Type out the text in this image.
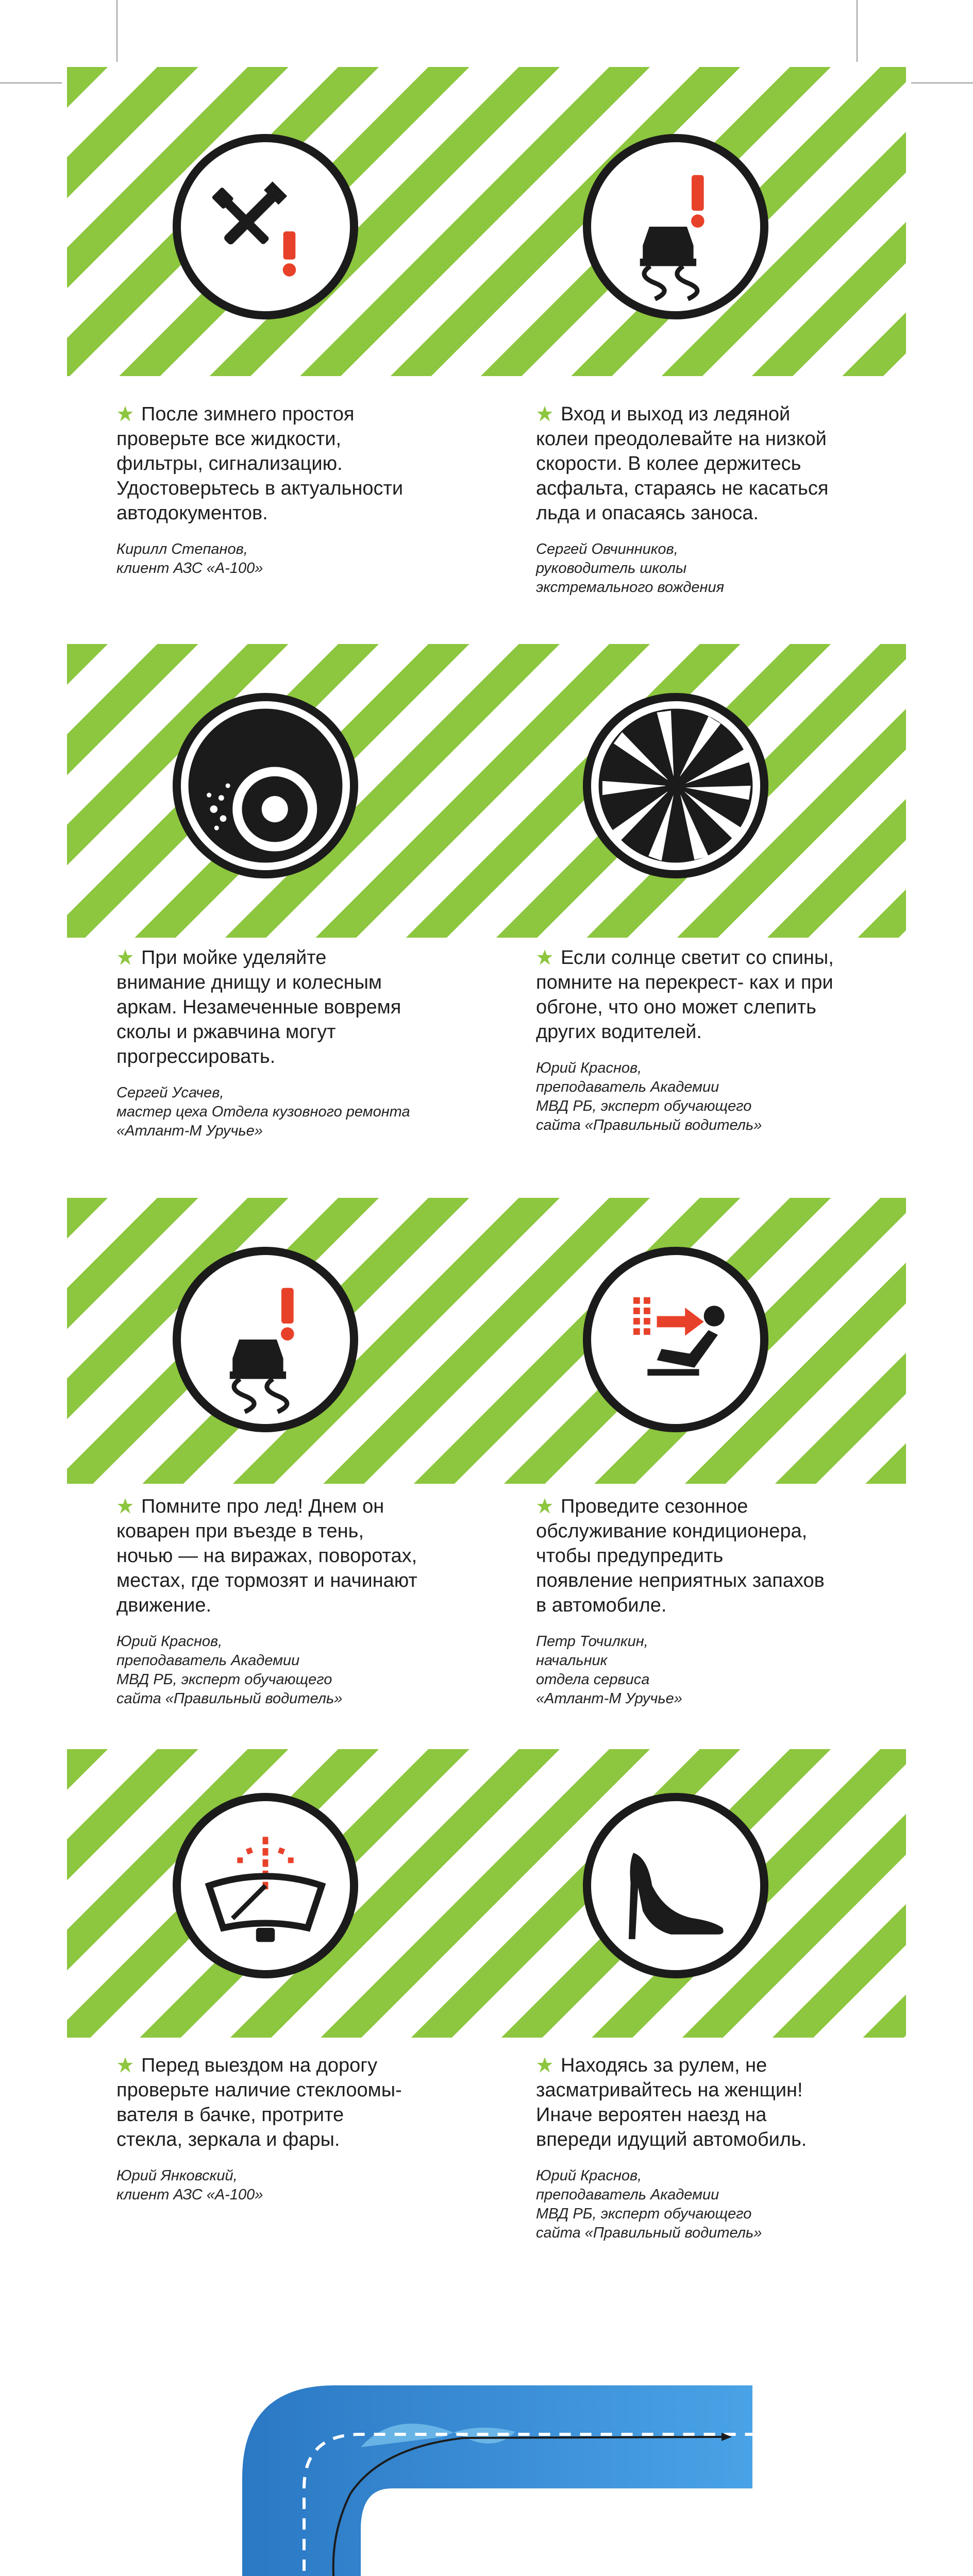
После зимнего простоя проверьте все жидкости, фильтры, сигнализацию. Удостоверьтесь в актуальности автодокументов.

Кирилл Степанов,
клиент АЗС «А-100»

Вход и выход из ледяной колеи преодолевайте на низкой скорости. В колее держитесь асфальта, стараясь не касаться льда и опасаясь заноса.

Сергей Овчинников,
руководитель школы
экстремального вождения

При мойке уделяйте внимание днищу и колесным аркам. Незамеченные вовремя сколы и ржавчина могут прогрессировать.

Сергей Усачев,
мастер цеха Отдела кузовного ремонта
«Атлант-М Уручье»

Если солнце светит со спины, помните на перекрест- ках и при обгоне, что оно может слепить других водителей.

Юрий Краснов,
преподаватель Академии
МВД РБ, эксперт обучающего
сайта «Правильный водитель»

Помните про лед! Днем он коварен при въезде в тень, ночью — на виражах, поворотах, местах, где тормозят и начинают движение.

Юрий Краснов,
преподаватель Академии
МВД РБ, эксперт обучающего
сайта «Правильный водитель»

Проведите сезонное обслуживание кондиционера, чтобы предупредить появление неприятных запахов в автомобиле.

Петр Точилкин,
начальник
отдела сервиса
«Атлант-М Уручье»

Перед выездом на дорогу проверьте наличие стеклоомы- вателя в бачке, протрите стекла, зеркала и фары.

Юрий Янковский,
клиент АЗС «А-100»

Находясь за рулем, не засматривайтесь на женщин! Иначе вероятен наезд на впереди идущий автомобиль.

Юрий Краснов,
преподаватель Академии
МВД РБ, эксперт обучающего
сайта «Правильный водитель»
